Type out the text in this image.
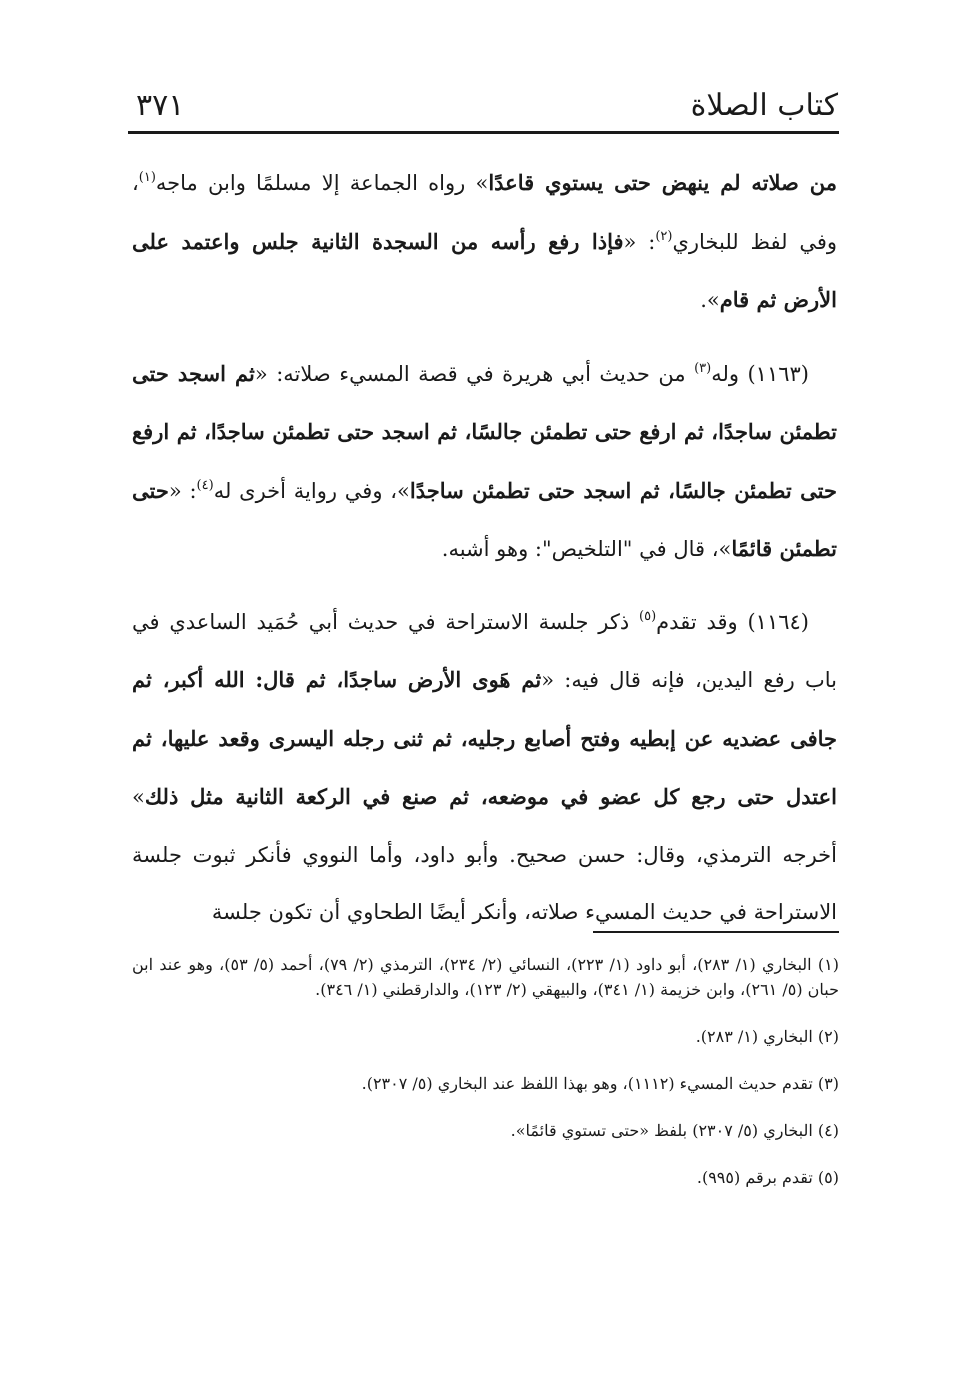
كتاب الصلاة
٣٧١

من صلاته لم ينهض حتى يستوي قاعدًا» رواه الجماعة إلا مسلمًا وابن ماجه$^{(١)}$، وفي لفظ للبخاري$^{(٢)}$: «فإذا رفع رأسه من السجدة الثانية جلس واعتمد على الأرض ثم قام».

(١١٦٣) وله$^{(٣)}$ من حديث أبي هريرة في قصة المسيء صلاته: «ثم اسجد حتى تطمئن ساجدًا، ثم ارفع حتى تطمئن جالسًا، ثم اسجد حتى تطمئن ساجدًا، ثم ارفع حتى تطمئن جالسًا، ثم اسجد حتى تطمئن ساجدًا»، وفي رواية أخرى له$^{(٤)}$: «حتى تطمئن قائمًا»، قال في "التلخيص": وهو أشبه.

(١١٦٤) وقد تقدم$^{(٥)}$ ذكر جلسة الاستراحة في حديث أبي حُمَيد الساعدي في باب رفع اليدين، فإنه قال فيه: «ثم هَوى الأرض ساجدًا، ثم قال: الله أكبر، ثم جافى عضديه عن إبطيه وفتح أصابع رجليه، ثم ثنى رجله اليسرى وقعد عليها، ثم اعتدل حتى رجع كل عضو في موضعه، ثم صنع في الركعة الثانية مثل ذلك» أخرجه الترمذي، وقال: حسن صحيح. وأبو داود، وأما النووي فأنكر ثبوت جلسة الاستراحة في حديث المسيء صلاته، وأنكر أيضًا الطحاوي أن تكون جلسة

(١) البخاري (١/ ٢٨٣)، أبو داود (١/ ٢٢٣)، النسائي (٢/ ٢٣٤)، الترمذي (٢/ ٧٩)، أحمد (٥/ ٥٣)، وهو عند ابن حبان (٥/ ٢٦١)، وابن خزيمة (١/ ٣٤١)، والبيهقي (٢/ ١٢٣)، والدارقطني (١/ ٣٤٦).

(٢) البخاري (١/ ٢٨٣).

(٣) تقدم حديث المسيء (١١١٢)، وهو بهذا اللفظ عند البخاري (٥/ ٢٣٠٧).

(٤) البخاري (٥/ ٢٣٠٧) بلفظ «حتى تستوي قائمًا».

(٥) تقدم برقم (٩٩٥).
